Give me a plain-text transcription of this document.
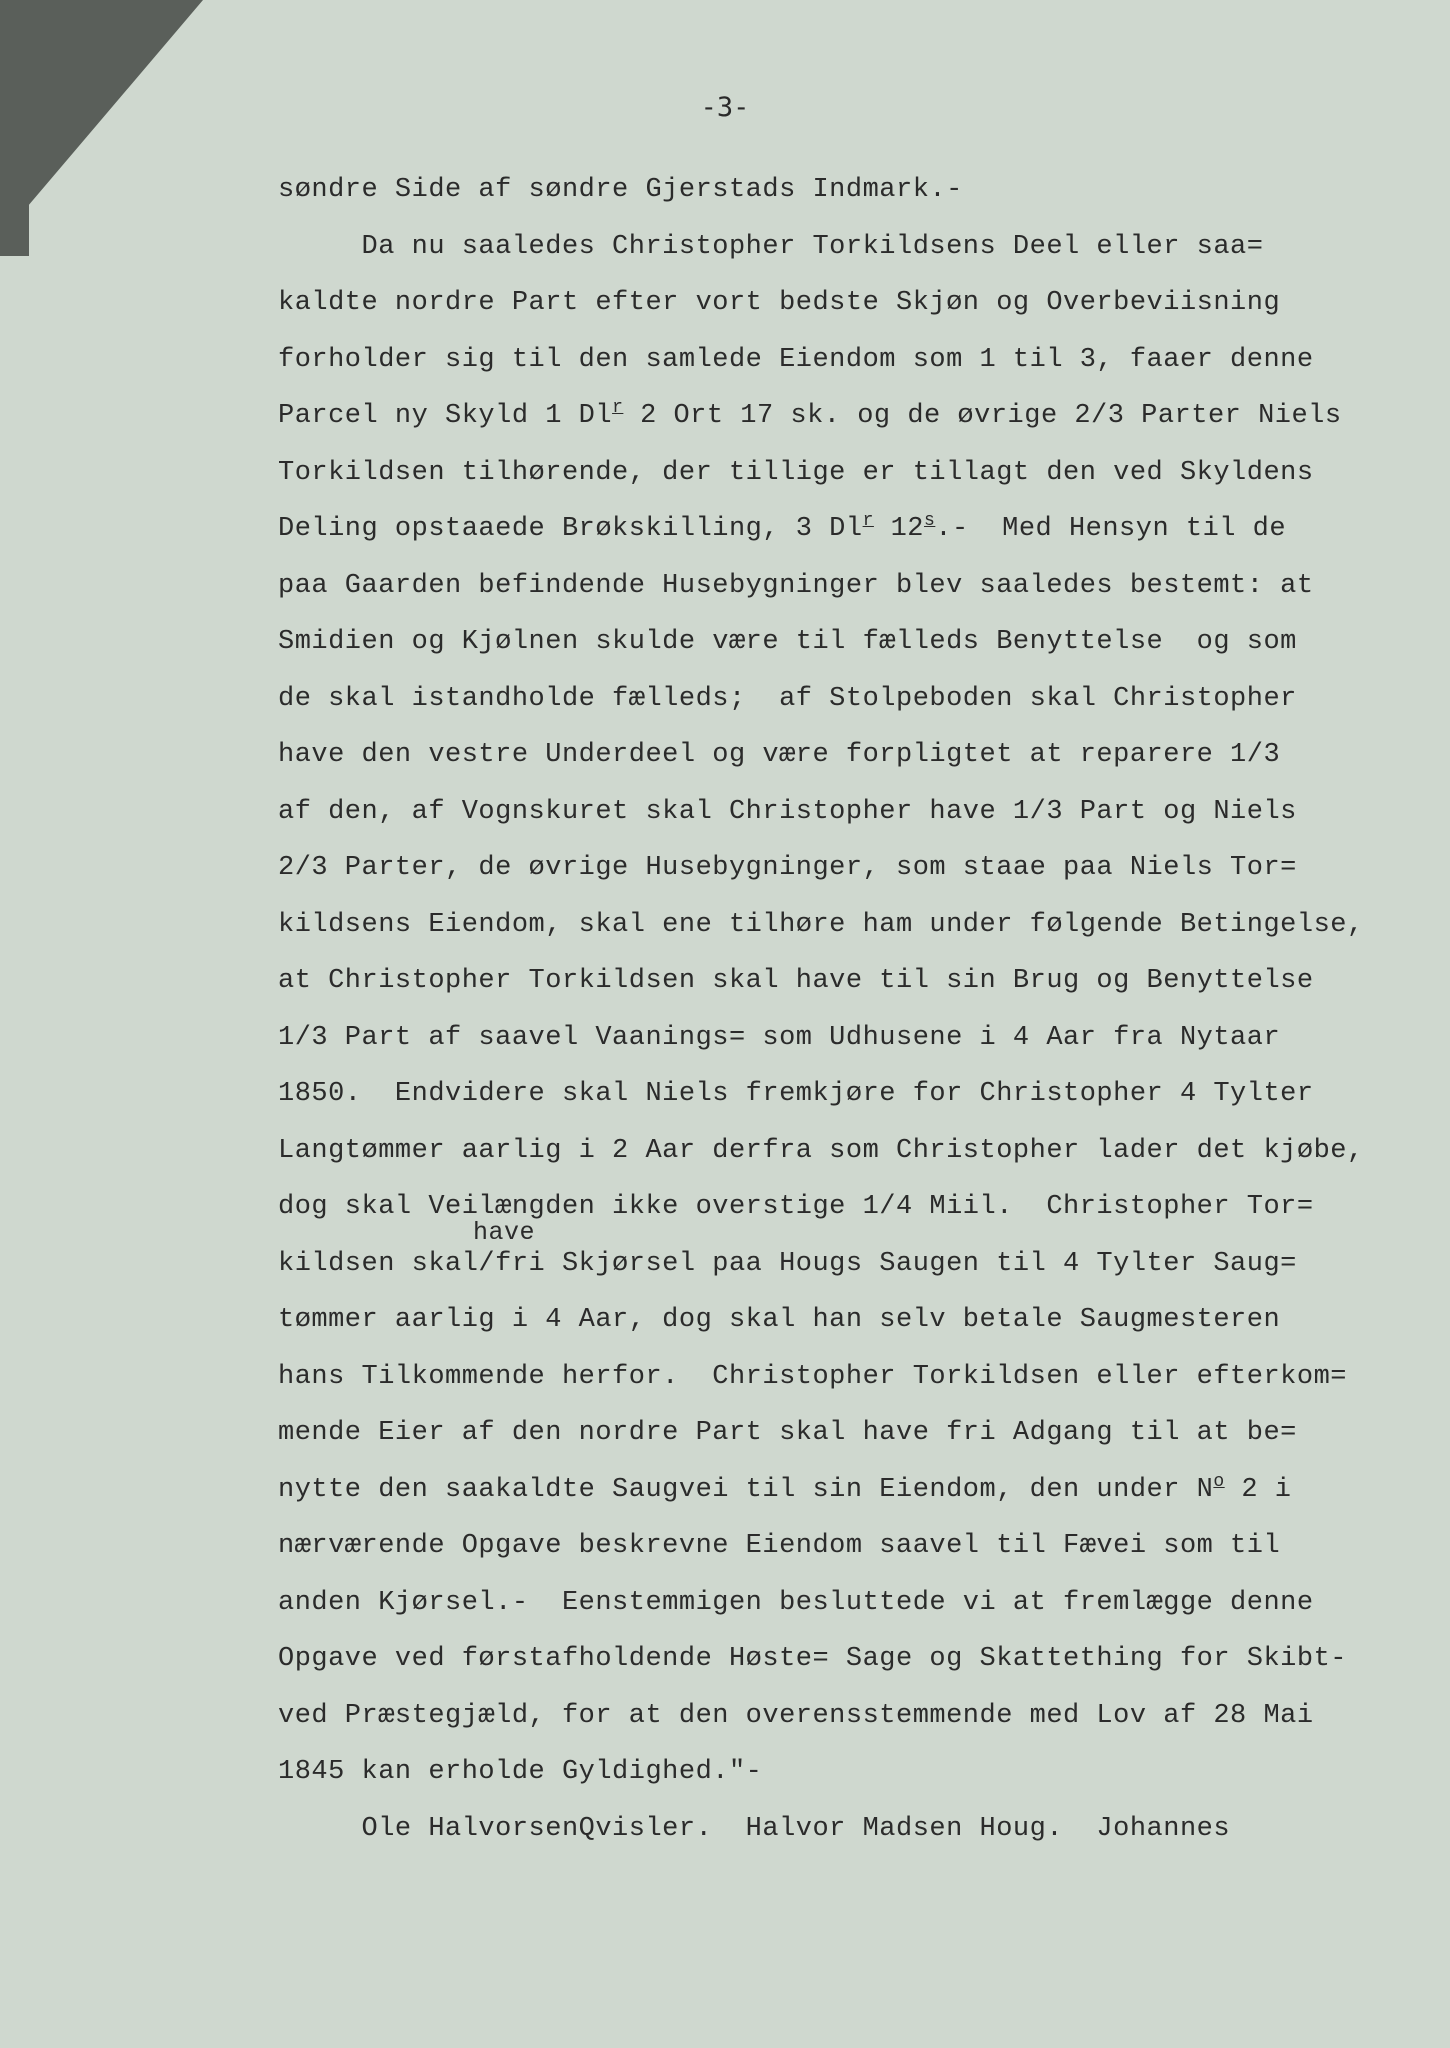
-3-

søndre Side af søndre Gjerstads Indmark.-
Da nu saaledes Christopher Torkildsens Deel eller saa=
kaldte nordre Part efter vort bedste Skjøn og Overbeviisning
forholder sig til den samlede Eiendom som 1 til 3, faaer denne
Parcel ny Skyld 1 Dl$^r$ 2 Ort 17 sk. og de øvrige 2/3 Parter Niels
Torkildsen tilhørende, der tillige er tillagt den ved Skyldens
Deling opstaaede Brøkskilling, 3 Dl$^r$ 12$^s$.-  Med Hensyn til de
paa Gaarden befindende Husebygninger blev saaledes bestemt: at
Smidien og Kjølnen skulde være til fælleds Benyttelse  og som
de skal istandholde fælleds;  af Stolpeboden skal Christopher
have den vestre Underdeel og være forpligtet at reparere 1/3
af den, af Vognskuret skal Christopher have 1/3 Part og Niels
2/3 Parter, de øvrige Husebygninger, som staae paa Niels Tor=
kildsens Eiendom, skal ene tilhøre ham under følgende Betingelse,
at Christopher Torkildsen skal have til sin Brug og Benyttelse
1/3 Part af saavel Vaanings= som Udhusene i 4 Aar fra Nytaar
1850.  Endvidere skal Niels fremkjøre for Christopher 4 Tylter
Langtømmer aarlig i 2 Aar derfra som Christopher lader det kjøbe,
dog skal Veilængden ikke overstige 1/4 Miil.  Christopher Tor=
have
kildsen skal/fri Skjørsel paa Hougs Saugen til 4 Tylter Saug=
tømmer aarlig i 4 Aar, dog skal han selv betale Saugmesteren
hans Tilkommende herfor.  Christopher Torkildsen eller efterkom=
mende Eier af den nordre Part skal have fri Adgang til at be=
nytte den saakaldte Saugvei til sin Eiendom, den under $N^o$ 2 i
nærværende Opgave beskrevne Eiendom saavel til Fævei som til
anden Kjørsel.-  Eenstemmigen besluttede vi at fremlægge denne
Opgave ved førstafholdende Høste= Sage og Skattething for Skibt-
ved Præstegjæld, for at den overensstemmende med Lov af 28 Mai
1845 kan erholde Gyldighed."-
Ole HalvorsenQvisler.  Halvor Madsen Houg.  Johannes
